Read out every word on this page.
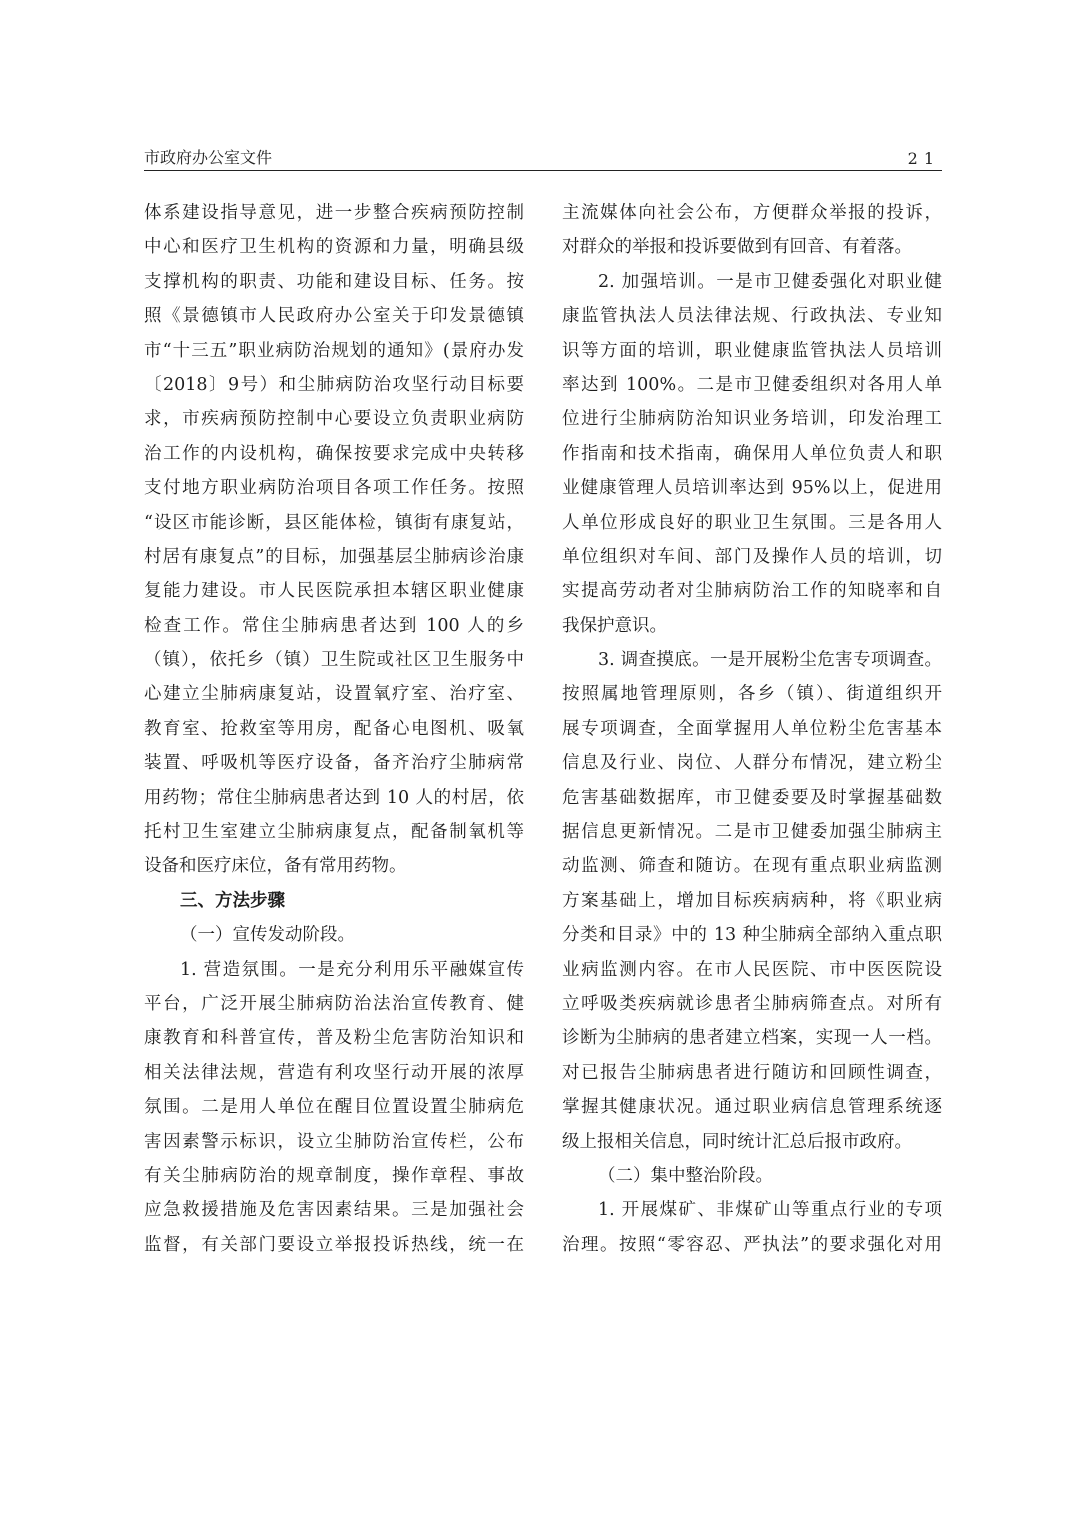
市政府办公室文件	21
体系建设指导意见，进一步整合疾病预防控制
中心和医疗卫生机构的资源和力量，明确县级
支撑机构的职责、功能和建设目标、任务。按
照《景德镇市人民政府办公室关于印发景德镇
市“十三五”职业病防治规划的通知》(景府办发
〔2018〕9号）和尘肺病防治攻坚行动目标要
求，市疾病预防控制中心要设立负责职业病防
治工作的内设机构，确保按要求完成中央转移
支付地方职业病防治项目各项工作任务。按照
“设区市能诊断，县区能体检，镇街有康复站，
村居有康复点”的目标，加强基层尘肺病诊治康
复能力建设。市人民医院承担本辖区职业健康
检查工作。常住尘肺病患者达到 100 人的乡
（镇），依托乡（镇）卫生院或社区卫生服务中
心建立尘肺病康复站，设置氧疗室、治疗室、
教育室、抢救室等用房，配备心电图机、吸氧
装置、呼吸机等医疗设备，备齐治疗尘肺病常
用药物；常住尘肺病患者达到 10 人的村居，依
托村卫生室建立尘肺病康复点，配备制氧机等
设备和医疗床位，备有常用药物。
三、方法步骤
（一）宣传发动阶段。
1. 营造氛围。一是充分利用乐平融媒宣传
平台，广泛开展尘肺病防治法治宣传教育、健
康教育和科普宣传，普及粉尘危害防治知识和
相关法律法规，营造有利攻坚行动开展的浓厚
氛围。二是用人单位在醒目位置设置尘肺病危
害因素警示标识，设立尘肺防治宣传栏，公布
有关尘肺病防治的规章制度，操作章程、事故
应急救援措施及危害因素结果。三是加强社会
监督，有关部门要设立举报投诉热线，统一在
主流媒体向社会公布，方便群众举报的投诉，
对群众的举报和投诉要做到有回音、有着落。
2. 加强培训。一是市卫健委强化对职业健
康监管执法人员法律法规、行政执法、专业知
识等方面的培训，职业健康监管执法人员培训
率达到 100%。二是市卫健委组织对各用人单
位进行尘肺病防治知识业务培训，印发治理工
作指南和技术指南，确保用人单位负责人和职
业健康管理人员培训率达到 95%以上，促进用
人单位形成良好的职业卫生氛围。三是各用人
单位组织对车间、部门及操作人员的培训，切
实提高劳动者对尘肺病防治工作的知晓率和自
我保护意识。
3. 调查摸底。一是开展粉尘危害专项调查。
按照属地管理原则，各乡（镇）、街道组织开
展专项调查，全面掌握用人单位粉尘危害基本
信息及行业、岗位、人群分布情况，建立粉尘
危害基础数据库，市卫健委要及时掌握基础数
据信息更新情况。二是市卫健委加强尘肺病主
动监测、筛查和随访。在现有重点职业病监测
方案基础上，增加目标疾病病种，将《职业病
分类和目录》中的 13 种尘肺病全部纳入重点职
业病监测内容。在市人民医院、市中医医院设
立呼吸类疾病就诊患者尘肺病筛查点。对所有
诊断为尘肺病的患者建立档案，实现一人一档。
对已报告尘肺病患者进行随访和回顾性调查，
掌握其健康状况。通过职业病信息管理系统逐
级上报相关信息，同时统计汇总后报市政府。
（二）集中整治阶段。
1. 开展煤矿、非煤矿山等重点行业的专项
治理。按照“零容忍、严执法”的要求强化对用
